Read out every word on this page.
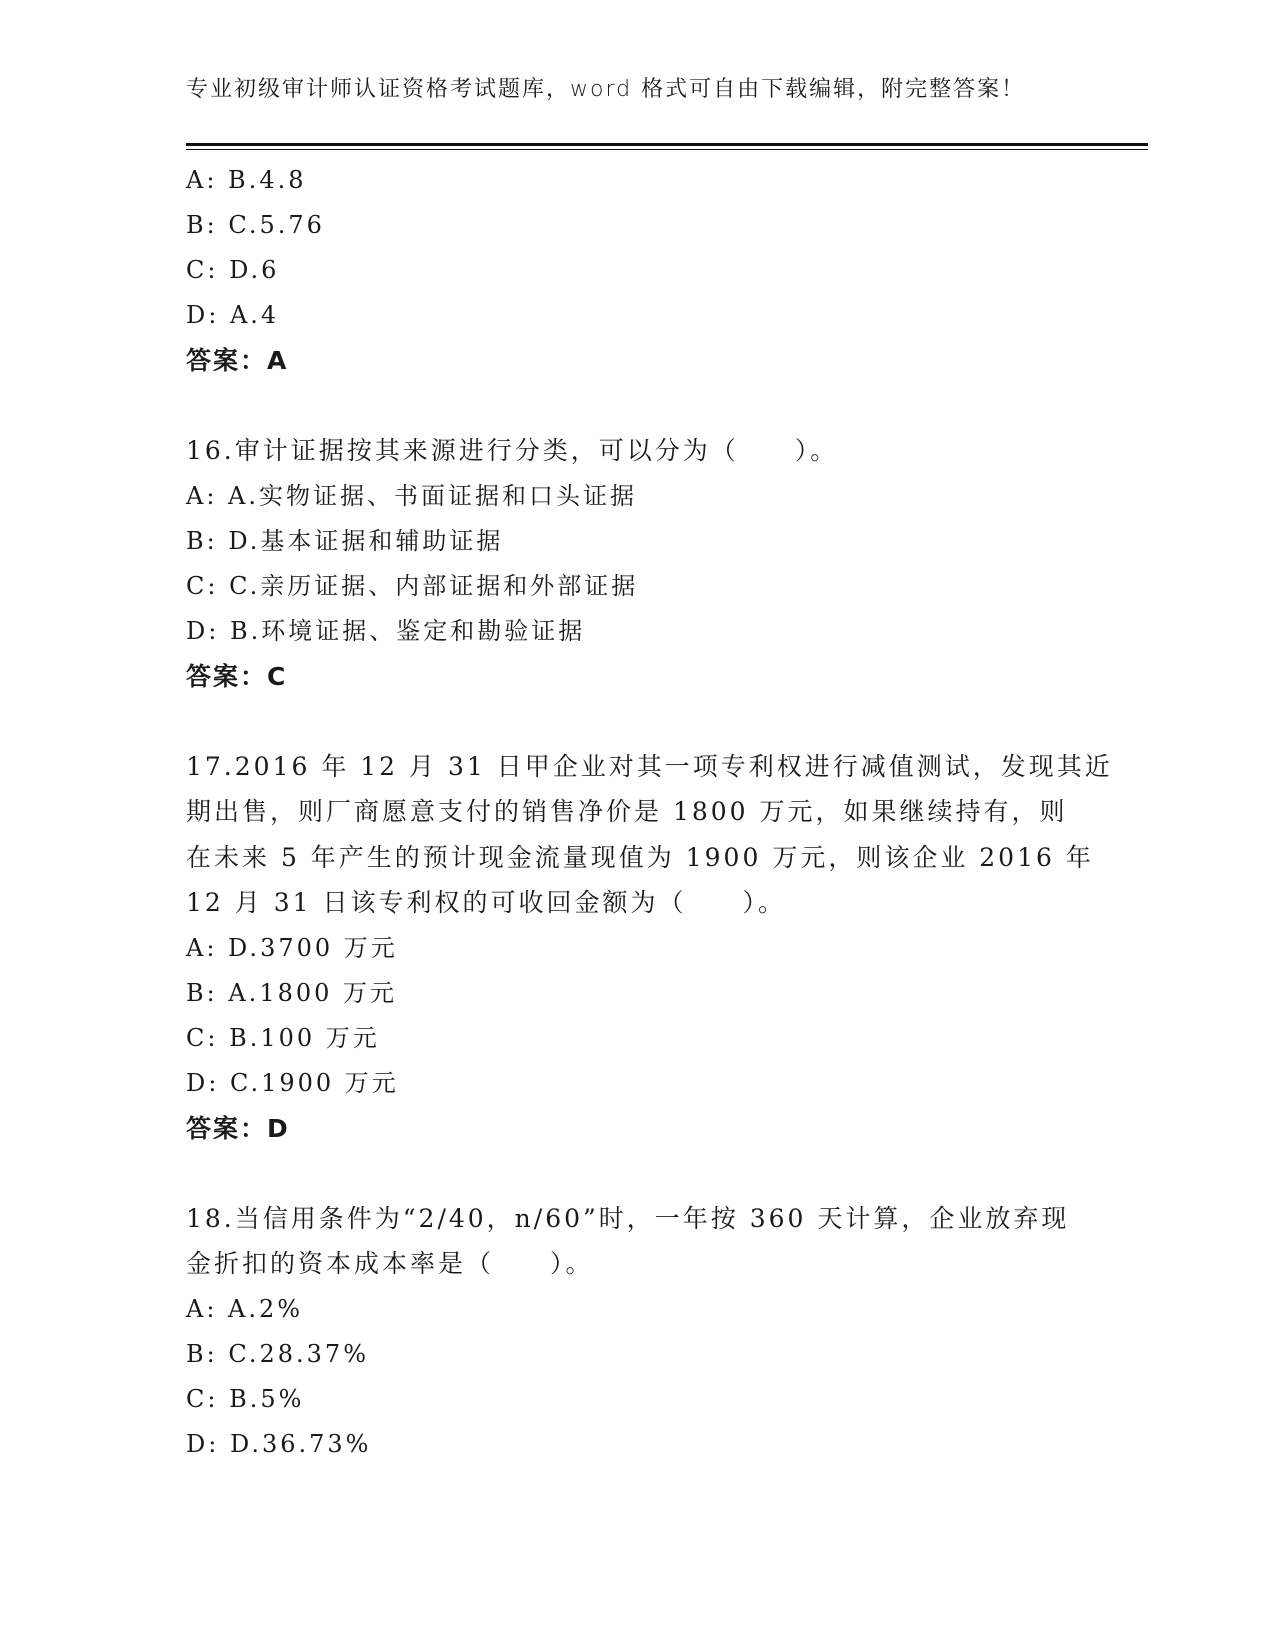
专业初级审计师认证资格考试题库，word 格式可自由下载编辑，附完整答案！
A: B.4.8
B: C.5.76
C: D.6
D: A.4
答案：A
16.审计证据按其来源进行分类，可以分为（　　）。
A: A.实物证据、书面证据和口头证据
B: D.基本证据和辅助证据
C: C.亲历证据、内部证据和外部证据
D: B.环境证据、鉴定和勘验证据
答案：C
17.2016 年 12 月 31 日甲企业对其一项专利权进行减值测试，发现其近
期出售，则厂商愿意支付的销售净价是 1800 万元，如果继续持有，则
在未来 5 年产生的预计现金流量现值为 1900 万元，则该企业 2016 年
12 月 31 日该专利权的可收回金额为（　　）。
A: D.3700 万元
B: A.1800 万元
C: B.100 万元
D: C.1900 万元
答案：D
18.当信用条件为“2/40，n/60”时，一年按 360 天计算，企业放弃现
金折扣的资本成本率是（　　）。
A: A.2%
B: C.28.37%
C: B.5%
D: D.36.73%
